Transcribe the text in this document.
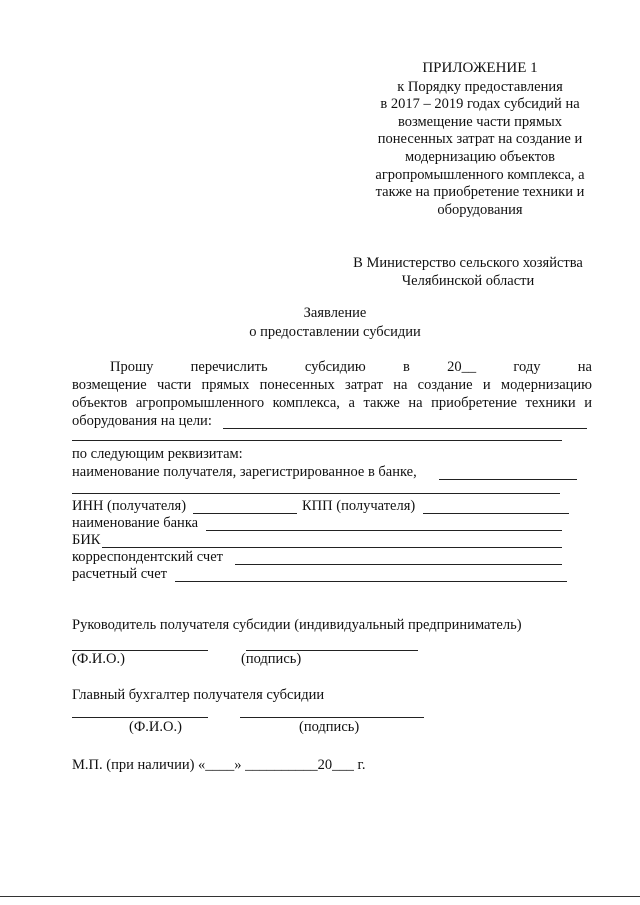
ПРИЛОЖЕНИЕ 1
к Порядку предоставления
в 2017 – 2019 годах субсидий на
возмещение части прямых
понесенных затрат на создание и
модернизацию объектов
агропромышленного комплекса, а
также на приобретение техники и
оборудования
В Министерство сельского хозяйства
Челябинской области
Заявление
о предоставлении субсидии
Прошу	перечислить	субсидию	в	20__	году	на
возмещение части прямых понесенных затрат на создание и модернизацию
объектов агропромышленного комплекса, а также на приобретение техники и
оборудования на цели:
по следующим реквизитам:
наименование получателя, зарегистрированное в банке,
ИНН (получателя)	КПП (получателя)
наименование банка
БИК
корреспондентский счет
расчетный счет
Руководитель получателя субсидии (индивидуальный предприниматель)
(Ф.И.О.)	(подпись)
Главный бухгалтер получателя субсидии
(Ф.И.О.)	(подпись)
М.П. (при наличии) «____» __________20___ г.
